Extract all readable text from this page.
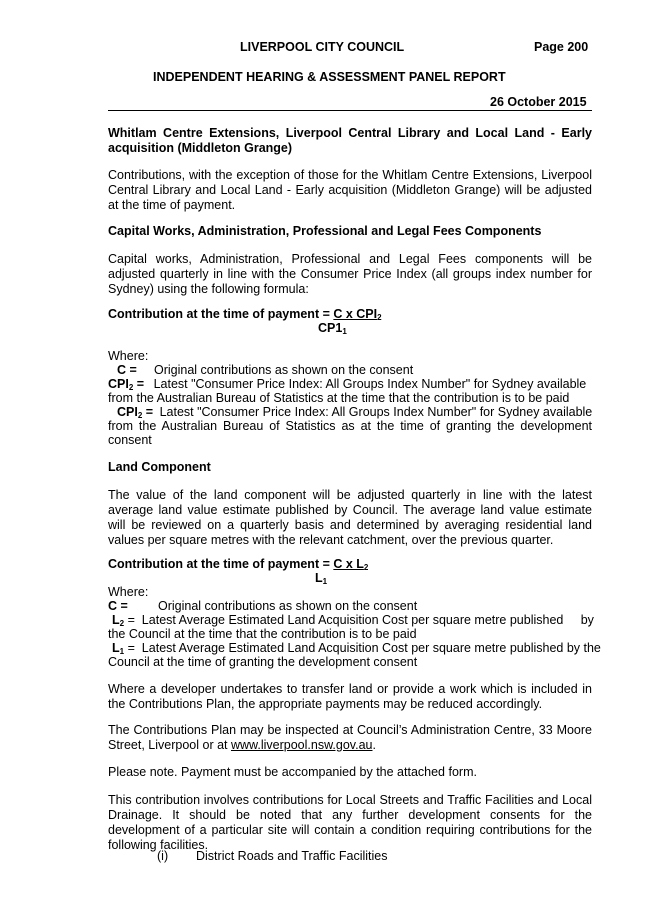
LIVERPOOL CITY COUNCIL	Page 200
INDEPENDENT HEARING & ASSESSMENT PANEL REPORT
26 October 2015

Whitlam Centre Extensions, Liverpool Central Library and Local Land - Early acquisition (Middleton Grange)

Contributions, with the exception of those for the Whitlam Centre Extensions, Liverpool Central Library and Local Land - Early acquisition (Middleton Grange) will be adjusted at the time of payment.

Capital Works, Administration, Professional and Legal Fees Components

Capital works, Administration, Professional and Legal Fees components will be adjusted quarterly in line with the Consumer Price Index (all groups index number for Sydney) using the following formula:

Contribution at the time of payment = C x $CPI_2$
$CP1_1$
Where:
C = Original contributions as shown on the consent
$CPI_2$ = Latest "Consumer Price Index: All Groups Index Number" for Sydney available
from the Australian Bureau of Statistics at the time that the contribution is to be paid
$CPI_2$ = Latest "Consumer Price Index: All Groups Index Number" for Sydney available
from the Australian Bureau of Statistics as at the time of granting the development
consent

Land Component

The value of the land component will be adjusted quarterly in line with the latest average land value estimate published by Council. The average land value estimate will be reviewed on a quarterly basis and determined by averaging residential land values per square metres with the relevant catchment, over the previous quarter.

Contribution at the time of payment = C x $L_2$
$L_1$
Where:
C = Original contributions as shown on the consent
$L_2$ =  Latest Average Estimated Land Acquisition Cost per square metre published     by
the Council at the time that the contribution is to be paid
$L_1$ =  Latest Average Estimated Land Acquisition Cost per square metre published by the
Council at the time of granting the development consent

Where a developer undertakes to transfer land or provide a work which is included in the Contributions Plan, the appropriate payments may be reduced accordingly.

The Contributions Plan may be inspected at Council’s Administration Centre, 33 Moore Street, Liverpool or at www.liverpool.nsw.gov.au.

Please note. Payment must be accompanied by the attached form.

This contribution involves contributions for Local Streets and Traffic Facilities and Local Drainage. It should be noted that any further development consents for the development of a particular site will contain a condition requiring contributions for the following facilities.

(i) District Roads and Traffic Facilities
